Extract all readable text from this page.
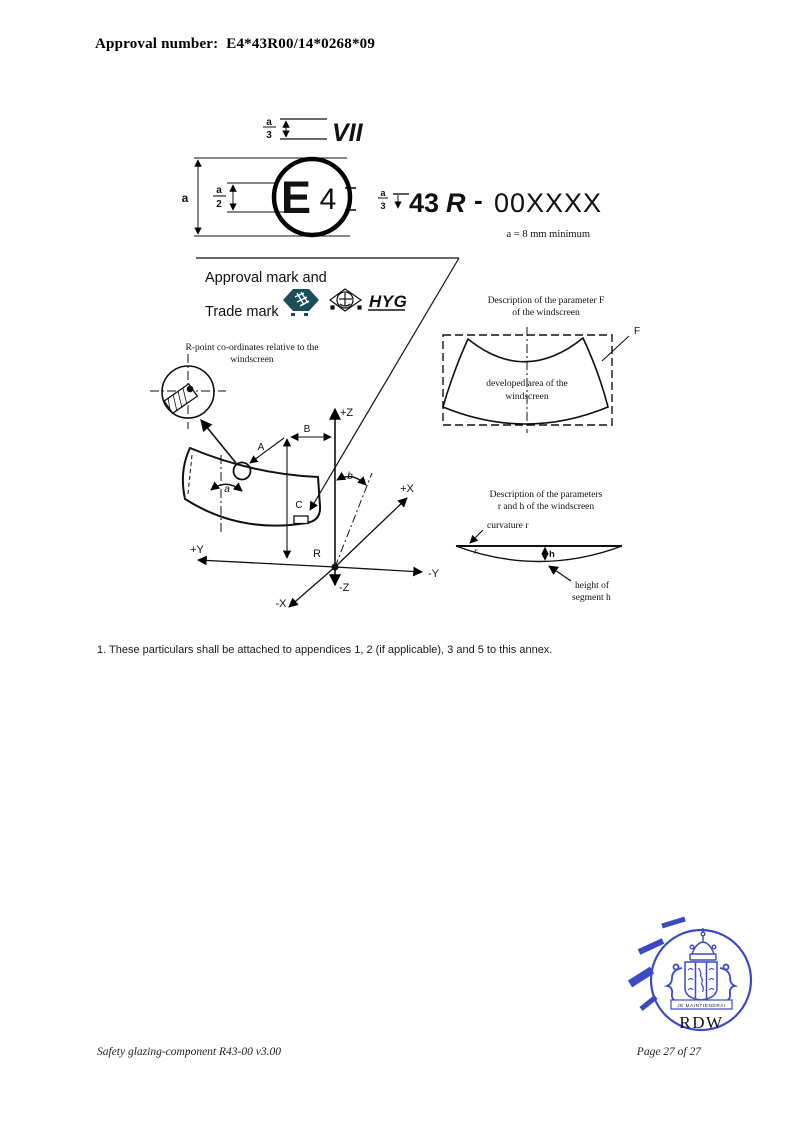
Approval number:  E4*43R00/14*0268*09
a
3 VII
a
a
2 E 4	a
3 43 R - 00XXXX
a = 8 mm minimum
Approval mark and
Trade mark
HYG
R-point co-ordinates relative to the
windscreen
a
A
C
+Z
-Z
+Y
-Y
+X
-X
R
B
b
Description of the parameter F
of the windscreen
developed area of the
windscreen
F
Description of the parameters
r and h of the windscreen
curvature r
r	h
height of
segment h
1. These particulars shall be attached to appendices 1, 2 (if applicable), 3 and 5 to this annex.
JE MAINTIENDRAI
RDW
Safety glazing-component R43-00 v3.00	Page 27 of 27
